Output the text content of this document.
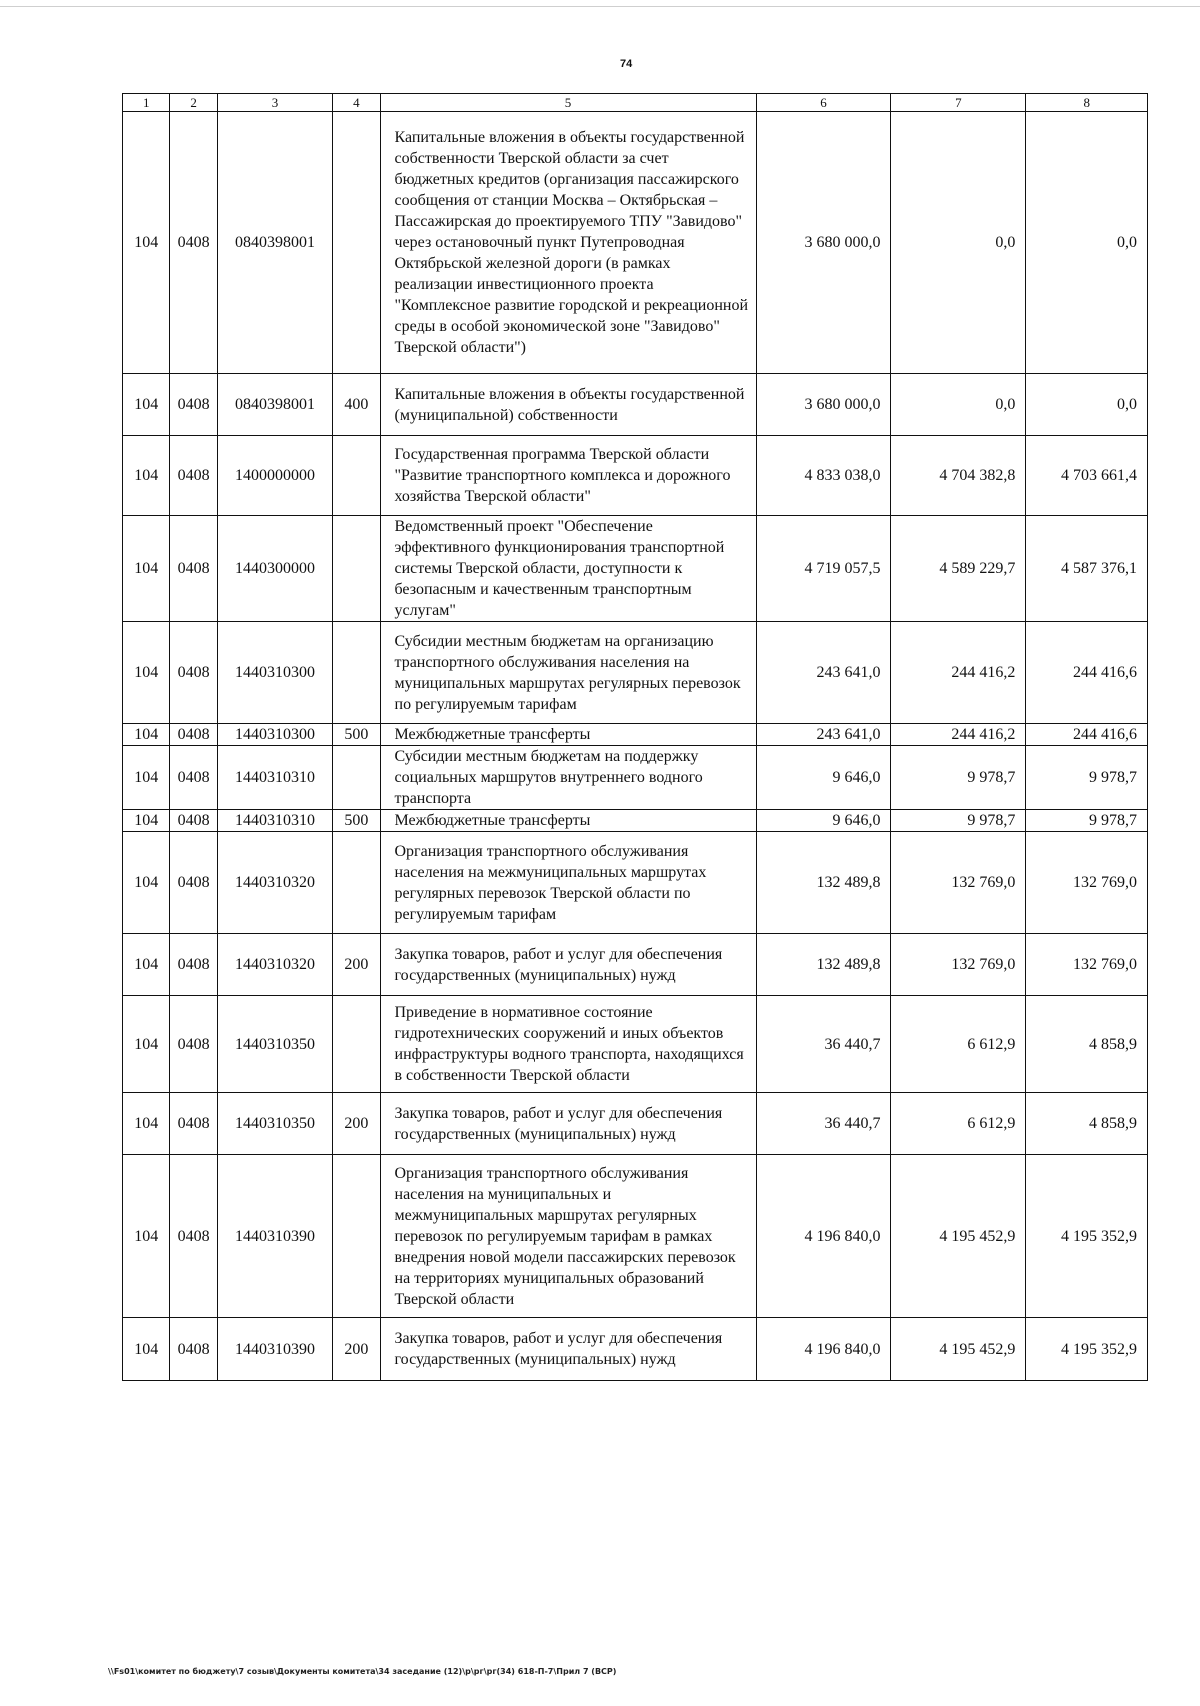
74
1	2	3	4	5	6	7	8
104	0408	0840398001		Капитальные вложения в объекты государственной собственности Тверской области за счет бюджетных кредитов (организация пассажирского сообщения от станции Москва – Октябрьская – Пассажирская до проектируемого ТПУ "Завидово" через остановочный пункт Путепроводная Октябрьской железной дороги (в рамках реализации инвестиционного проекта "Комплексное развитие городской и рекреационной среды в особой экономической зоне "Завидово" Тверской области")	3 680 000,0	0,0	0,0
104	0408	0840398001	400	Капитальные вложения в объекты государственной (муниципальной) собственности	3 680 000,0	0,0	0,0
104	0408	1400000000		Государственная программа Тверской области "Развитие транспортного комплекса и дорожного хозяйства Тверской области"	4 833 038,0	4 704 382,8	4 703 661,4
104	0408	1440300000		Ведомственный проект "Обеспечение эффективного функционирования транспортной системы Тверской области, доступности к безопасным и качественным транспортным услугам"	4 719 057,5	4 589 229,7	4 587 376,1
104	0408	1440310300		Субсидии местным бюджетам на организацию транспортного обслуживания населения на муниципальных маршрутах регулярных перевозок по регулируемым тарифам	243 641,0	244 416,2	244 416,6
104	0408	1440310300	500	Межбюджетные трансферты	243 641,0	244 416,2	244 416,6
104	0408	1440310310		Субсидии местным бюджетам на поддержку социальных маршрутов внутреннего водного транспорта	9 646,0	9 978,7	9 978,7
104	0408	1440310310	500	Межбюджетные трансферты	9 646,0	9 978,7	9 978,7
104	0408	1440310320		Организация транспортного обслуживания населения на межмуниципальных маршрутах регулярных перевозок Тверской области по регулируемым тарифам	132 489,8	132 769,0	132 769,0
104	0408	1440310320	200	Закупка товаров, работ и услуг для обеспечения государственных (муниципальных) нужд	132 489,8	132 769,0	132 769,0
104	0408	1440310350		Приведение в нормативное состояние гидротехнических сооружений и иных объектов инфраструктуры водного транспорта, находящихся в собственности Тверской области	36 440,7	6 612,9	4 858,9
104	0408	1440310350	200	Закупка товаров, работ и услуг для обеспечения государственных (муниципальных) нужд	36 440,7	6 612,9	4 858,9
104	0408	1440310390		Организация транспортного обслуживания населения на муниципальных и межмуниципальных маршрутах регулярных перевозок по регулируемым тарифам в рамках внедрения новой модели пассажирских перевозок на территориях муниципальных образований Тверской области	4 196 840,0	4 195 452,9	4 195 352,9
104	0408	1440310390	200	Закупка товаров, работ и услуг для обеспечения государственных (муниципальных) нужд	4 196 840,0	4 195 452,9	4 195 352,9
\\Fs01\комитет по бюджету\7 созыв\Документы комитета\34 заседание (12)\р\рг\рг(34) 618-П-7\Прил 7 (ВСР)
